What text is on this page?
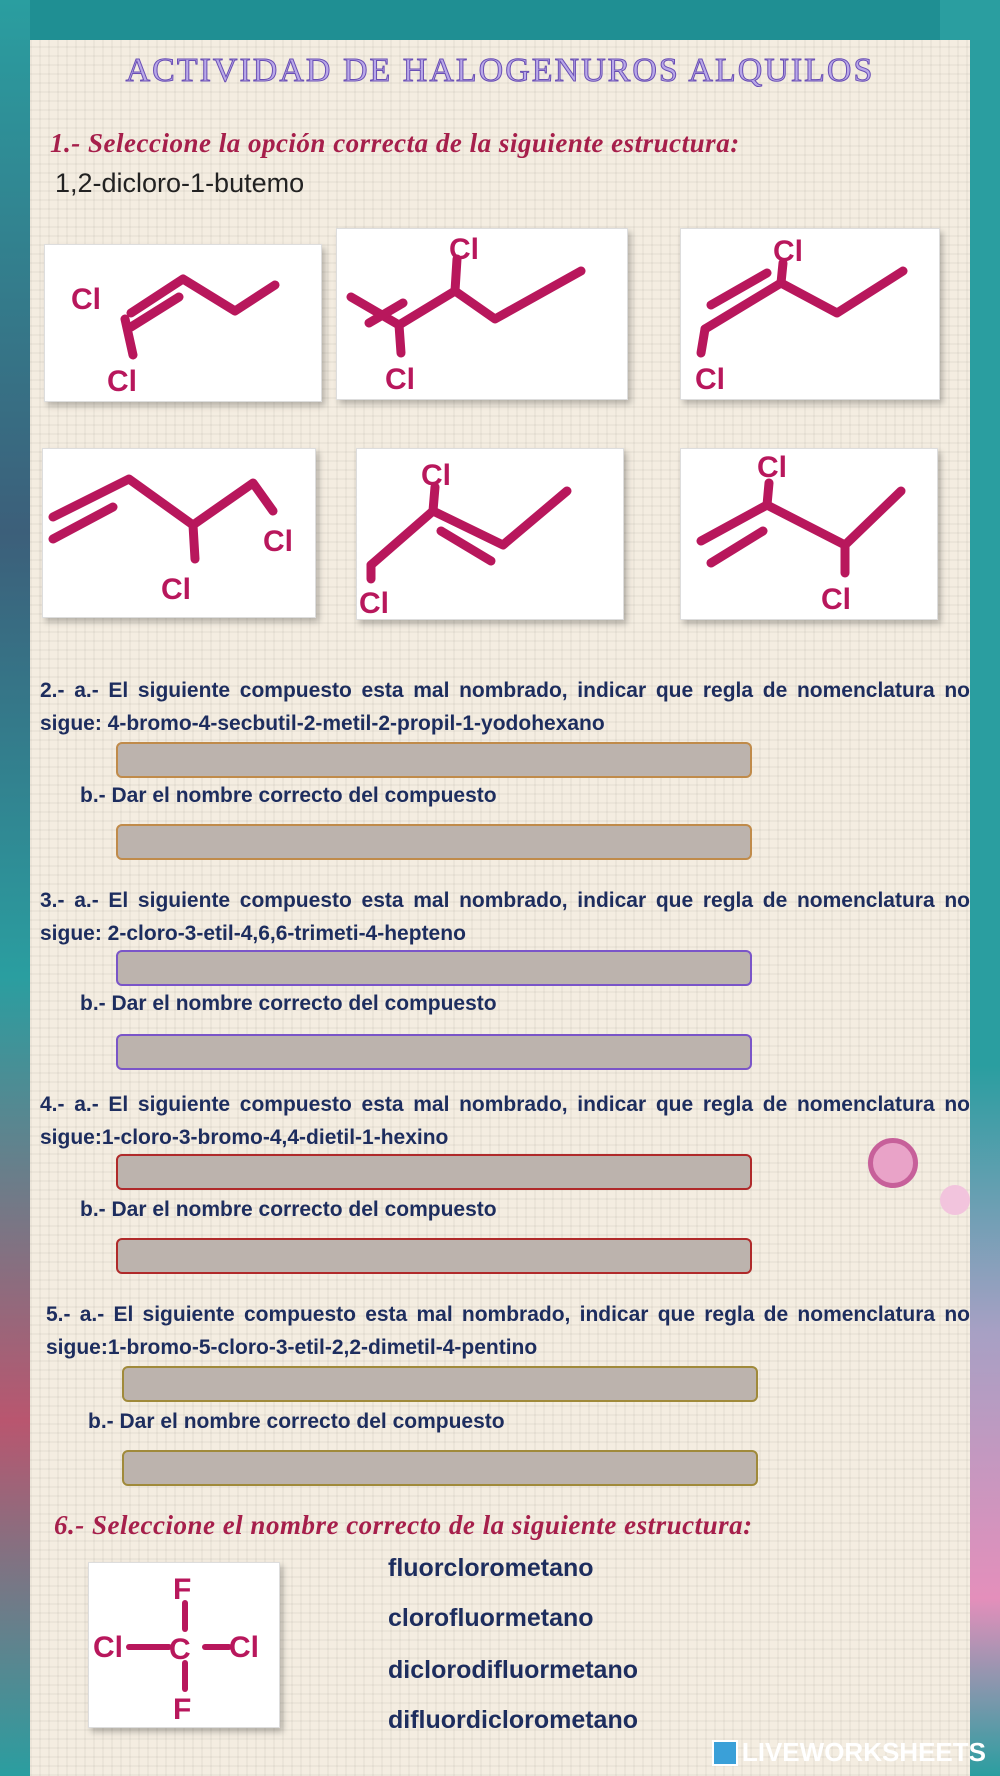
ACTIVIDAD DE HALOGENUROS ALQUILOS
1.- Seleccione la opción correcta de la siguiente estructura:
1,2-dicloro-1-butemo
Cl
Cl
Cl
Cl
Cl
Cl
Cl
Cl
Cl
Cl
Cl
Cl
2.- a.- El siguiente compuesto esta mal nombrado, indicar que regla de nomenclatura no sigue: 4-bromo-4-secbutil-2-metil-2-propil-1-yodohexano
b.- Dar el nombre correcto del compuesto
3.- a.- El siguiente compuesto esta mal nombrado, indicar que regla de nomenclatura no sigue: 2-cloro-3-etil-4,6,6-trimeti-4-hepteno
b.- Dar el nombre correcto del compuesto
4.- a.- El siguiente compuesto esta mal nombrado, indicar que regla de nomenclatura no sigue:1-cloro-3-bromo-4,4-dietil-1-hexino
b.- Dar el nombre correcto del compuesto
5.- a.- El siguiente compuesto esta mal nombrado, indicar que regla de nomenclatura no sigue:1-bromo-5-cloro-3-etil-2,2-dimetil-4-pentino
b.- Dar el nombre correcto del compuesto
6.- Seleccione el nombre correcto de la siguiente estructura:
F
C Cl
Cl
F
fluorclorometano
clorofluormetano
diclorodifluormetano
difluordiclorometano
LIVEWORKSHEETS
